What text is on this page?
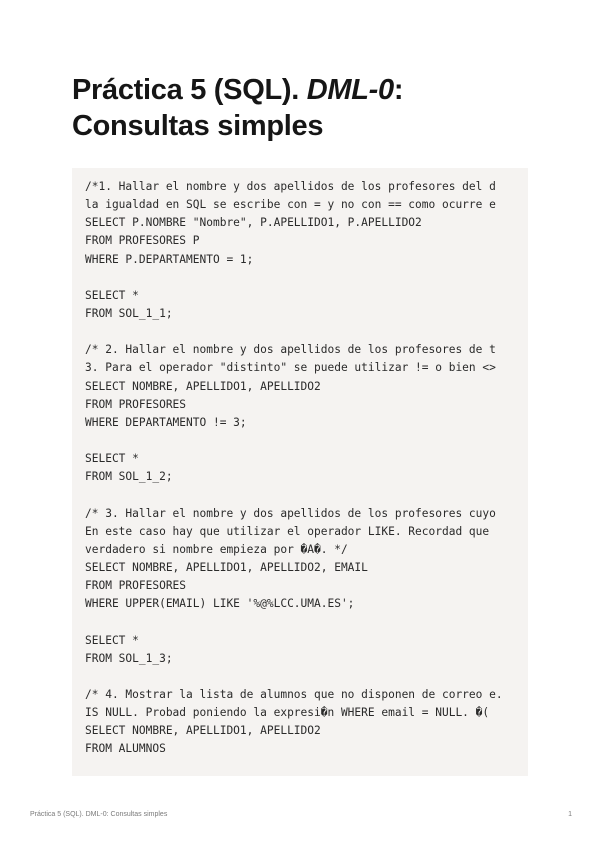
Práctica 5 (SQL). DML-0:
Consultas simples
/*1. Hallar el nombre y dos apellidos de los profesores del d
la igualdad en SQL se escribe con = y no con == como ocurre e
SELECT P.NOMBRE "Nombre", P.APELLIDO1, P.APELLIDO2
FROM PROFESORES P
WHERE P.DEPARTAMENTO = 1;
SELECT *
FROM SOL_1_1;
/* 2. Hallar el nombre y dos apellidos de los profesores de t
3. Para el operador "distinto" se puede utilizar != o bien <>
SELECT NOMBRE, APELLIDO1, APELLIDO2
FROM PROFESORES
WHERE DEPARTAMENTO != 3;
SELECT *
FROM SOL_1_2;
/* 3. Hallar el nombre y dos apellidos de los profesores cuyo
En este caso hay que utilizar el operador LIKE. Recordad que
verdadero si nombre empieza por �A�. */
SELECT NOMBRE, APELLIDO1, APELLIDO2, EMAIL
FROM PROFESORES
WHERE UPPER(EMAIL) LIKE '%@%LCC.UMA.ES';
SELECT *
FROM SOL_1_3;
/* 4. Mostrar la lista de alumnos que no disponen de correo e.
IS NULL. Probad poniendo la expresi�n WHERE email = NULL. �(
SELECT NOMBRE, APELLIDO1, APELLIDO2
FROM ALUMNOS
Práctica 5 (SQL). DML-0: Consultas simples	1
